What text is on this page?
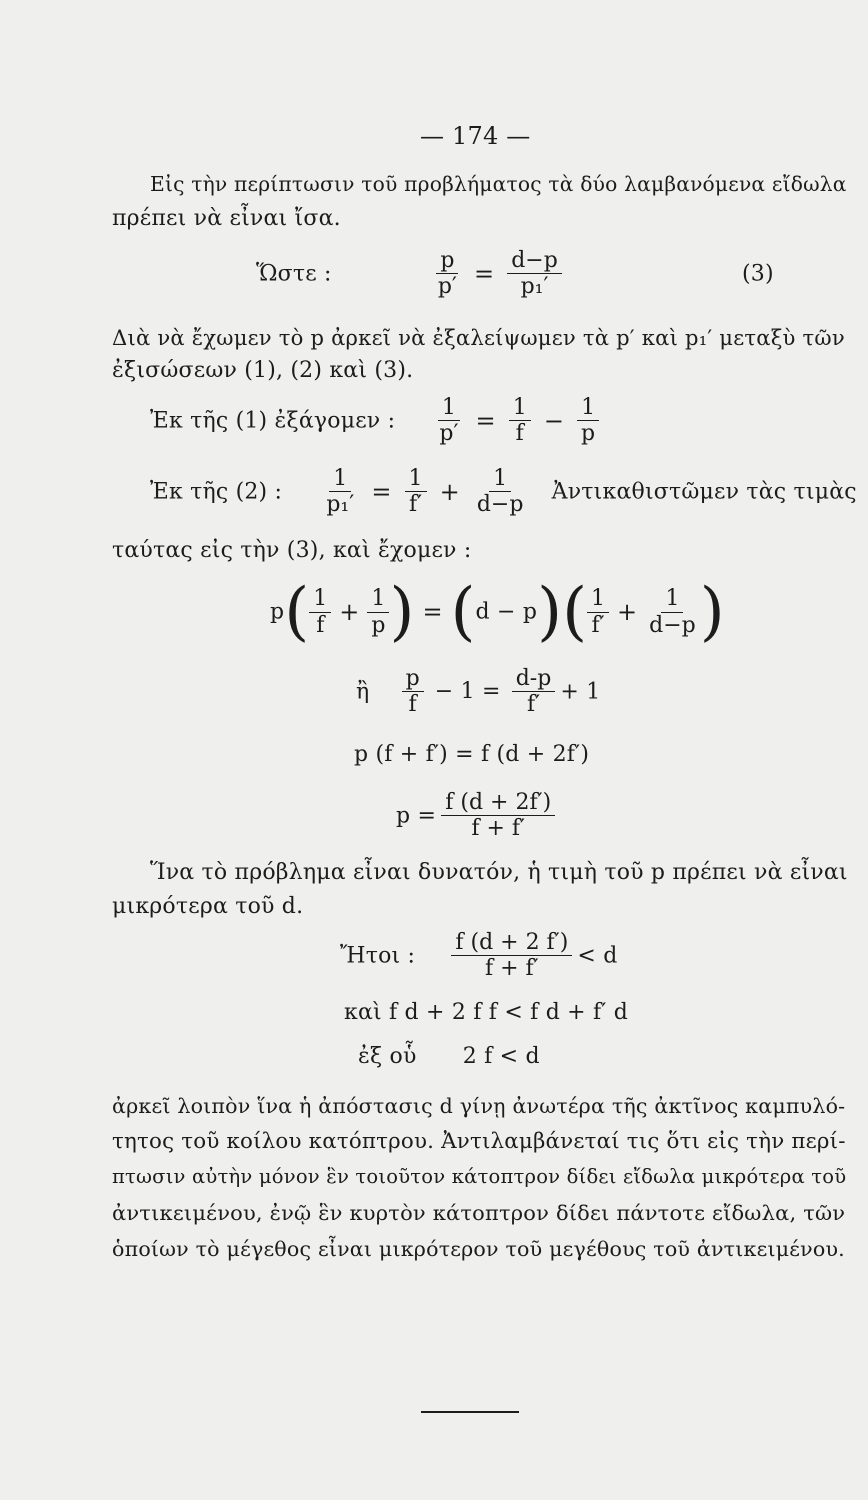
— 174 —
Εἰς τὴν περίπτωσιν τοῦ προβλήματος τὰ δύο λαμβανόμενα εἴδωλα
πρέπει νὰ εἶναι ἴσα.
Ὥστε :	$\frac{p}{p'} = \frac{d-p}{\text{p₁′}}$	(3)
Διὰ νὰ ἔχωμεν τὸ p ἀρκεῖ νὰ ἐξαλείψωμεν τὰ p′ καὶ p₁′ μεταξὺ τῶν
ἐξισώσεων (1), (2) καὶ (3).
Ἐκ τῆς (1) ἐξάγομεν : $\frac{1}{p'} = \frac{1}{f} - \frac{1}{p}$
Ἐκ τῆς (2) : $\frac{1}{\text{p₁′}} = \frac{1}{f'} + \frac{1}{d-p}$ Ἀντικαθιστῶμεν τὰς τιμὰς
ταύτας εἰς τὴν (3), καὶ ἔχομεν :
$p( \frac{1}{f} + \frac{1}{p}$ ) = $(d - p)( \frac{1}{f'} + \frac{1}{d-p}$ )
ἢ $\frac{p}{f} - 1 = \frac{d-p}{f'} + 1$
p (f + f′) = f (d + 2f′)
$p = \frac{f (d + 2f')}{f + f'}$
Ἵνα τὸ πρόβλημα εἶναι δυνατόν, ἡ τιμὴ τοῦ p πρέπει νὰ εἶναι
μικρότερα τοῦ d.
Ἤτοι : $\frac{f (d + 2 f')}{f + f'} < d$
καὶ f d + 2 f f < f d + f′ d
ἐξ οὗ 2 f < d
ἀρκεῖ λοιπὸν ἵνα ἡ ἀπόστασις d γίνῃ ἀνωτέρα τῆς ἀκτῖνος καμπυλό-
τητος τοῦ κοίλου κατόπτρου. Ἀντιλαμβάνεταί τις ὅτι εἰς τὴν περί-
πτωσιν αὐτὴν μόνον ἓν τοιοῦτον κάτοπτρον δίδει εἴδωλα μικρότερα τοῦ
ἀντικειμένου, ἐνῷ ἓν κυρτὸν κάτοπτρον δίδει πάντοτε εἴδωλα, τῶν
ὁποίων τὸ μέγεθος εἶναι μικρότερον τοῦ μεγέθους τοῦ ἀντικειμένου.
